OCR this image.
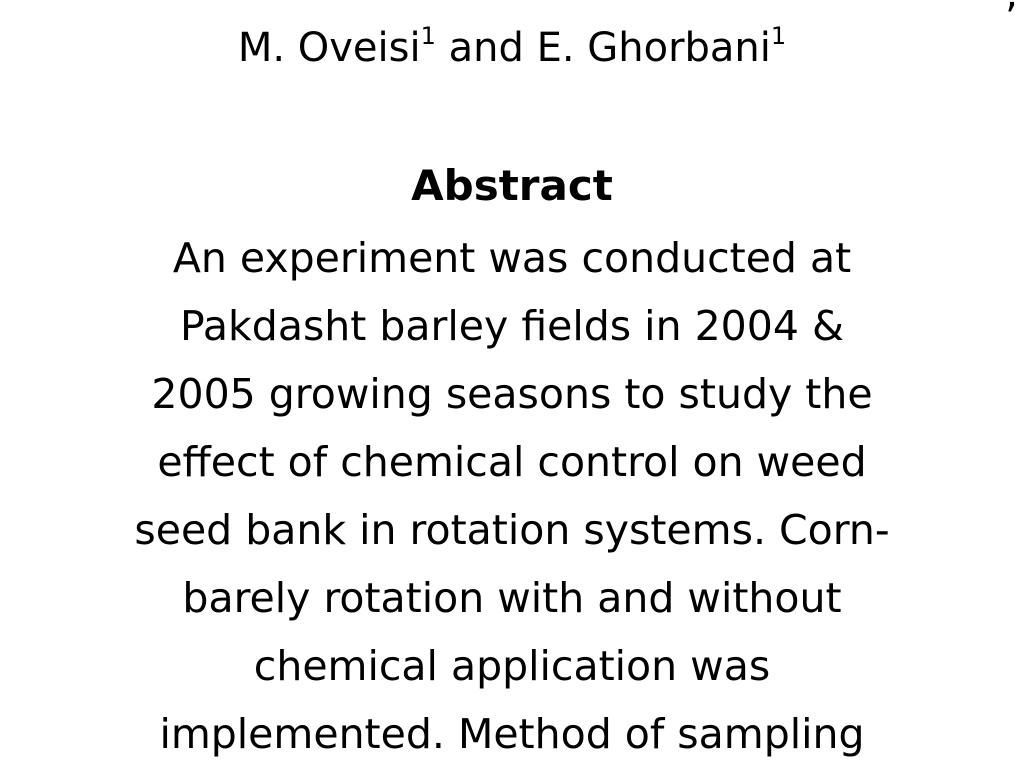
M. Oveisi$^1$ and E. Ghorbani$^1$
Abstract
An experiment was conducted at
Pakdasht barley fields in 2004 &
2005 growing seasons to study the
effect of chemical control on weed
seed bank in rotation systems. Corn-
barely rotation with and without
chemical application was
implemented. Method of sampling
